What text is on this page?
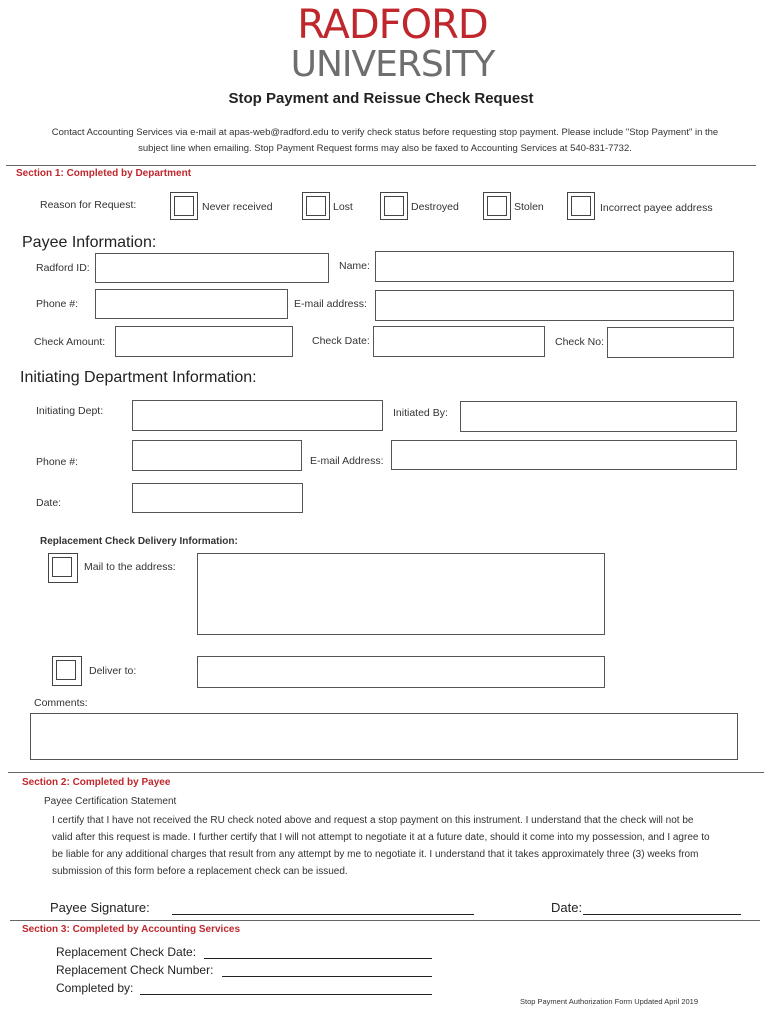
RADFORD
UNIVERSITY
Stop Payment and Reissue Check Request
Contact Accounting Services via e-mail at apas-web@radford.edu to verify check status before requesting stop payment. Please include "Stop Payment" in the subject line when emailing. Stop Payment Request forms may also be faxed to Accounting Services at 540-831-7732.
Section 1: Completed by Department
Reason for Request:	Never received	Lost	Destroyed	Stolen	Incorrect payee address
Payee Information:
Radford ID:	Name:
Phone #:	E-mail address:
Check Amount:	Check Date:	Check No:
Initiating Department Information:
Initiating Dept:	Initiated By:
Phone #:	E-mail Address:
Date:
Replacement Check Delivery Information:
Mail to the address:
Deliver to:
Comments:
Section 2: Completed by Payee
Payee Certification Statement
I certify that I have not received the RU check noted above and request a stop payment on this instrument. I understand that the check will not be valid after this request is made. I further certify that I will not attempt to negotiate it at a future date, should it come into my possession, and I agree to be liable for any additional charges that result from any attempt by me to negotiate it. I understand that it takes approximately three (3) weeks from submission of this form before a replacement check can be issued.
Payee Signature:	Date:
Section 3: Completed by Accounting Services
Replacement Check Date:
Replacement Check Number:
Completed by:
Stop Payment Authorization Form Updated April 2019
